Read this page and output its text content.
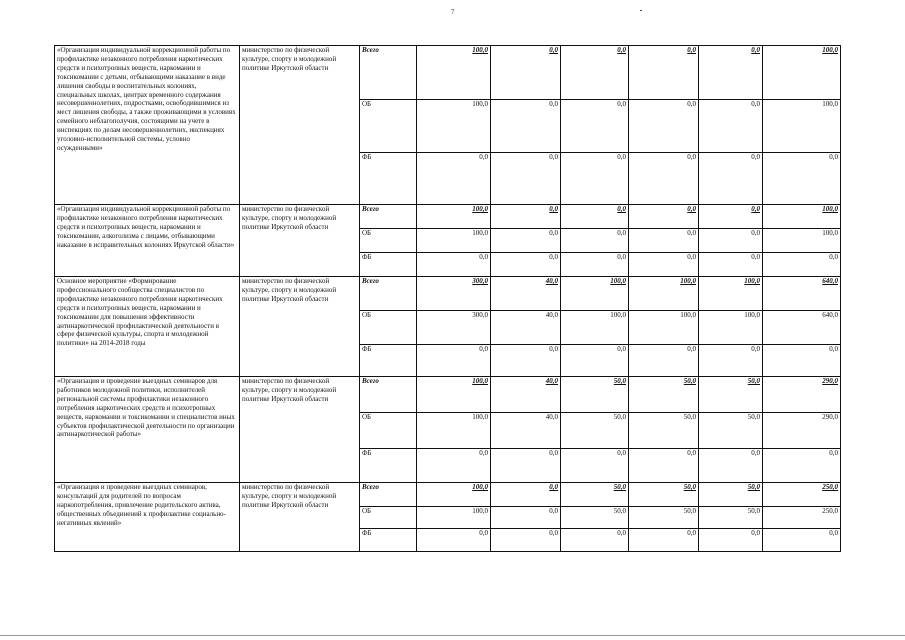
7
«Организация индивидуальной коррекционной работы по профилактике незаконного потребления наркотических средств и психотропных веществ, наркомании и токсикомании с детьми, отбывающими наказание в виде лишения свободы в воспитательных колониях, специальных школах, центрах временного содержания несовершеннолетних, подростками, освободившимися из мест лишения свободы, а также проживающими в условиях семейного неблагополучия, состоящими на учете в инспекциях по делам несовершеннолетних, инспекциях уголовно-исполнительной системы, условно осужденными»	министерство по физической культуре, спорту и молодежной политике Иркутской области	Всего	100,0	0,0	0,0	0,0	0,0	100,0
		ОБ	100,0	0,0	0,0	0,0	0,0	100,0
		ФБ	0,0	0,0	0,0	0,0	0,0	0,0
«Организация индивидуальной коррекционной работы по профилактике незаконного потребления наркотических средств и психотропных веществ, наркомании и токсикомании, алкоголизма с лицами, отбывающими наказание в исправительных колониях Иркутской области»	министерство по физической культуре, спорту и молодежной политике Иркутской области	Всего	100,0	0,0	0,0	0,0	0,0	100,0
		ОБ	100,0	0,0	0,0	0,0	0,0	100,0
		ФБ	0,0	0,0	0,0	0,0	0,0	0,0
Основное мероприятие «Формирование профессионального сообщества специалистов по профилактике незаконного потребления наркотических средств и психотропных веществ, наркомании и токсикомании для повышения эффективности антинаркотической профилактической деятельности в сфере физической культуры, спорта и молодежной политики» на 2014-2018 годы	министерство по физической культуре, спорту и молодежной политике Иркутской области	Всего	300,0	40,0	100,0	100,0	100,0	640,0
		ОБ	300,0	40,0	100,0	100,0	100,0	640,0
		ФБ	0,0	0,0	0,0	0,0	0,0	0,0
«Организация и проведение выездных семинаров для работников молодежной политики, исполнителей региональной системы профилактики незаконного потребления наркотических средств и психотропных веществ, наркомании и токсикомании и специалистов иных субъектов профилактической деятельности по организации антинаркотической работы»	министерство по физической культуре, спорту и молодежной политике Иркутской области	Всего	100,0	40,0	50,0	50,0	50,0	290,0
		ОБ	100,0	40,0	50,0	50,0	50,0	290,0
		ФБ	0,0	0,0	0,0	0,0	0,0	0,0
«Организация и проведение выездных семинаров, консультаций для родителей по вопросам наркопотребления, привлечение родительского актива, общественных объединений к профилактике социально-негативных явлений»	министерство по физической культуре, спорту и молодежной политике Иркутской области	Всего	100,0	0,0	50,0	50,0	50,0	250,0
		ОБ	100,0	0,0	50,0	50,0	50,0	250,0
		ФБ	0,0	0,0	0,0	0,0	0,0	0,0
